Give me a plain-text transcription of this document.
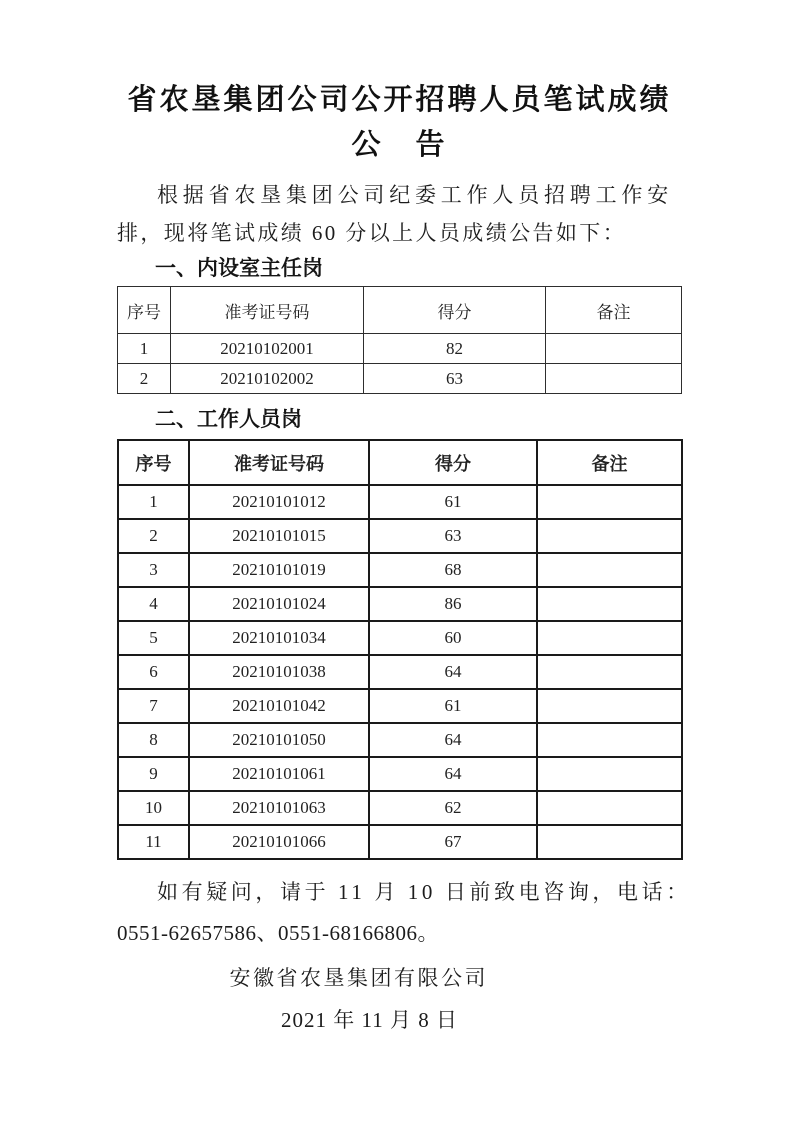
省农垦集团公司公开招聘人员笔试成绩
公　告

根据省农垦集团公司纪委工作人员招聘工作安
排，现将笔试成绩 60 分以上人员成绩公告如下：

一、内设室主任岗
序号	准考证号码	得分	备注
1	20210102001	82	
2	20210102002	63	
二、工作人员岗
序号	准考证号码	得分	备注
1	20210101012	61	
2	20210101015	63	
3	20210101019	68	
4	20210101024	86	
5	20210101034	60	
6	20210101038	64	
7	20210101042	61	
8	20210101050	64	
9	20210101061	64	
10	20210101063	62	
11	20210101066	67	

如有疑问，请于 11 月 10 日前致电咨询，电话：
0551-62657586、0551-68166806。

安徽省农垦集团有限公司
2021 年 11 月 8 日
